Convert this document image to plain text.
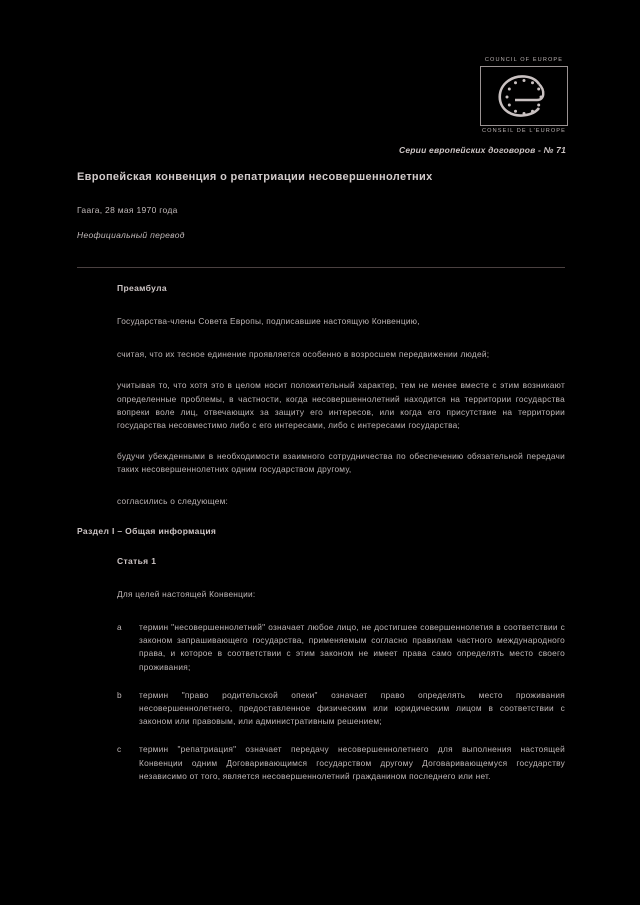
COUNCIL OF EUROPE
CONSEIL DE L'EUROPE
Серии европейских договоров - № 71
Европейская конвенция о репатриации несовершеннолетних
Гаага, 28 мая 1970 года
Неофициальный перевод
Преамбула

Государства-члены Совета Европы, подписавшие настоящую Конвенцию,

считая, что их тесное единение проявляется особенно в возросшем передвижении людей;

учитывая то, что хотя это в целом носит положительный характер, тем не менее вместе с этим возникают определенные проблемы, в частности, когда несовершеннолетний находится на территории государства вопреки воле лиц, отвечающих за защиту его интересов, или когда его присутствие на территории государства несовместимо либо с его интересами, либо с интересами государства;

будучи убежденными в необходимости взаимного сотрудничества по обеспечению обязательной передачи таких несовершеннолетних одним государством другому,

согласились о следующем:

Раздел I – Общая информация
Статья 1

Для целей настоящей Конвенции:

a	термин "несовершеннолетний" означает любое лицо, не достигшее совершеннолетия в соответствии с законом запрашивающего государства, применяемым согласно правилам частного международного права, и которое в соответствии с этим законом не имеет права само определять место своего проживания;
b	термин "право родительской опеки" означает право определять место проживания несовершеннолетнего, предоставленное физическим или юридическим лицом в соответствии с законом или правовым, или административным решением;
c	термин "репатриация" означает передачу несовершеннолетнего для выполнения настоящей Конвенции одним Договаривающимся государством другому Договаривающемуся государству независимо от того, является несовершеннолетний гражданином последнего или нет.
